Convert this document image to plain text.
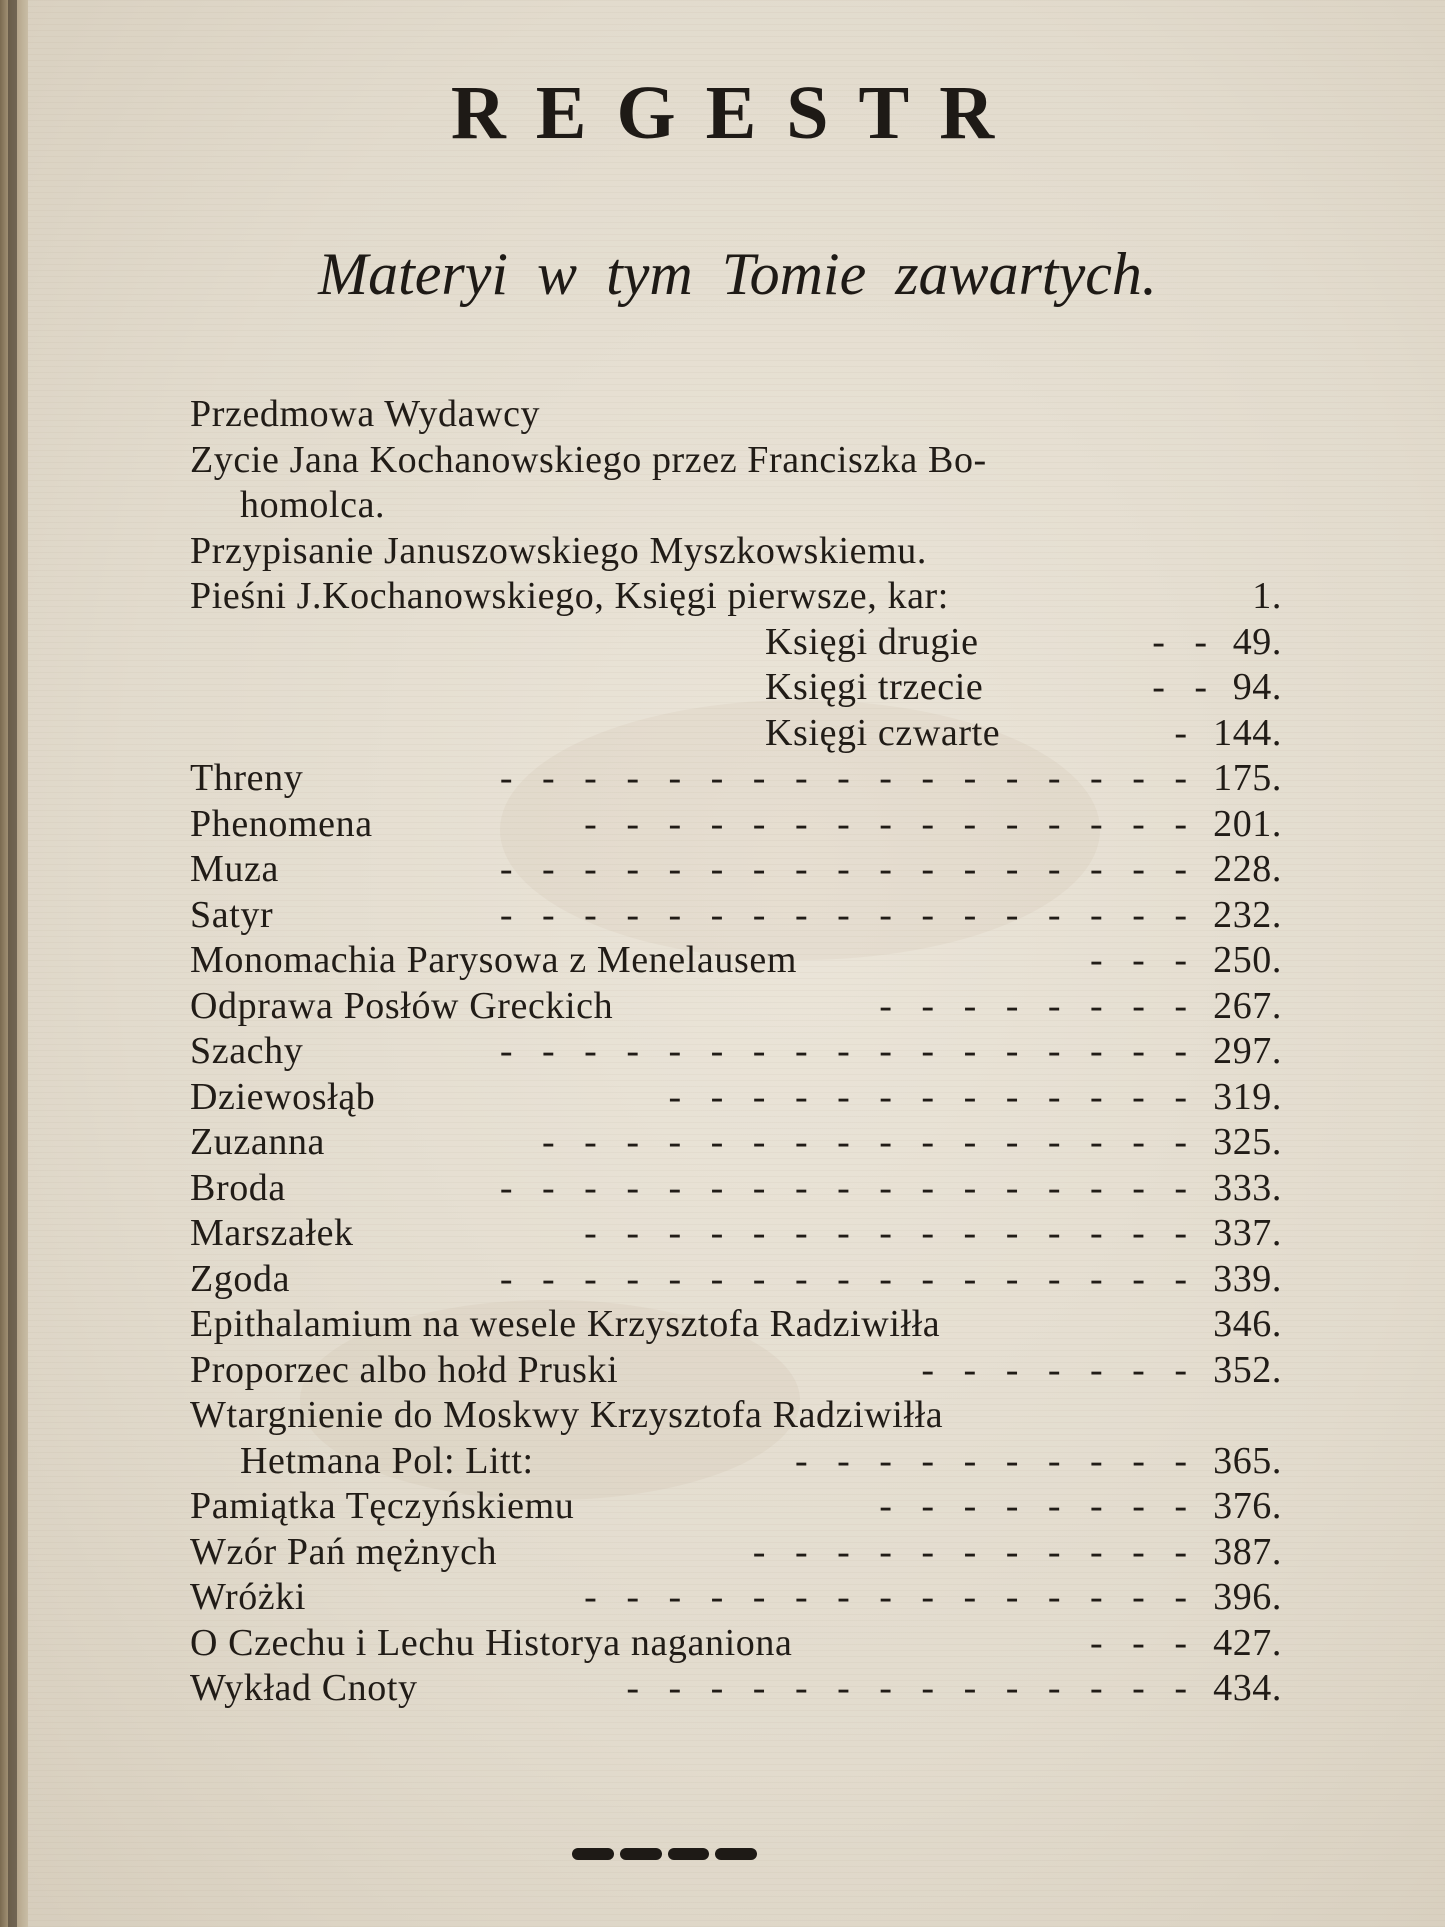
REGESTR
Materyi w tym Tomie zawartych.
Przedmowa Wydawcy
Zycie Jana Kochanowskiego przez Franciszka Bo-
homolca.
Przypisanie Januszowskiego Myszkowskiemu.
Pieśni J.Kochanowskiego, Księgi pierwsze, kar:	1.
Księgi drugie	- - 49.
Księgi trzecie	- - 94.
Księgi czwarte	- 144.
Threny	- - - - - - - - - - - - - - - - - 175.
Phenomena	- - - - - - - - - - - - - - - 201.
Muza	- - - - - - - - - - - - - - - - - 228.
Satyr	- - - - - - - - - - - - - - - - - 232.
Monomachia Parysowa z Menelausem	- - - 250.
Odprawa Posłów Greckich	- - - - - - - - 267.
Szachy	- - - - - - - - - - - - - - - - - 297.
Dziewosłąb	- - - - - - - - - - - - - 319.
Zuzanna	- - - - - - - - - - - - - - - - 325.
Broda	- - - - - - - - - - - - - - - - - 333.
Marszałek	- - - - - - - - - - - - - - - 337.
Zgoda	- - - - - - - - - - - - - - - - - 339.
Epithalamium na wesele Krzysztofa Radziwiłła	346.
Proporzec albo hołd Pruski	- - - - - - - 352.
Wtargnienie do Moskwy Krzysztofa Radziwiłła
Hetmana Pol: Litt:	- - - - - - - - - - 365.
Pamiątka Tęczyńskiemu	- - - - - - - - 376.
Wzór Pań mężnych	- - - - - - - - - - - 387.
Wróżki	- - - - - - - - - - - - - - - 396.
O Czechu i Lechu Historya naganiona	- - - 427.
Wykład Cnoty	- - - - - - - - - - - - - - 434.
